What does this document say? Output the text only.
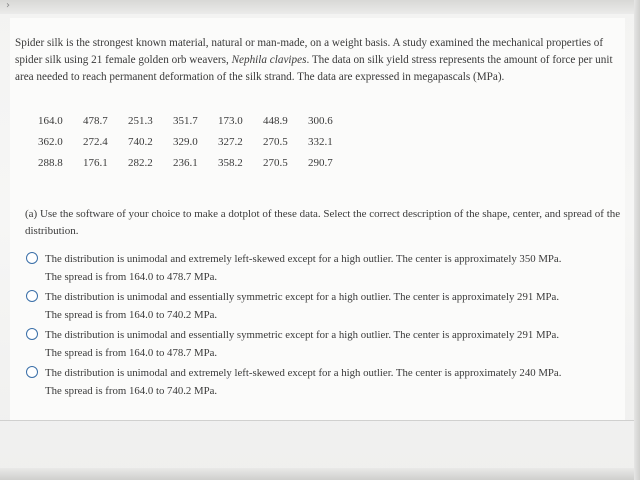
›

Spider silk is the strongest known material, natural or man-made, on a weight basis. A study examined the mechanical properties of spider silk using 21 female golden orb weavers, Nephila clavipes. The data on silk yield stress represents the amount of force per unit area needed to reach permanent deformation of the silk strand. The data are expressed in megapascals (MPa).

164.0	478.7	251.3	351.7	173.0	448.9	300.6
362.0	272.4	740.2	329.0	327.2	270.5	332.1
288.8	176.1	282.2	236.1	358.2	270.5	290.7
(a) Use the software of your choice to make a dotplot of these data. Select the correct description of the shape, center, and spread of the distribution.
The distribution is unimodal and extremely left-skewed except for a high outlier. The center is approximately 350 MPa.
The spread is from 164.0 to 478.7 MPa.
The distribution is unimodal and essentially symmetric except for a high outlier. The center is approximately 291 MPa.
The spread is from 164.0 to 740.2 MPa.
The distribution is unimodal and essentially symmetric except for a high outlier. The center is approximately 291 MPa.
The spread is from 164.0 to 478.7 MPa.
The distribution is unimodal and extremely left-skewed except for a high outlier. The center is approximately 240 MPa.
The spread is from 164.0 to 740.2 MPa.
